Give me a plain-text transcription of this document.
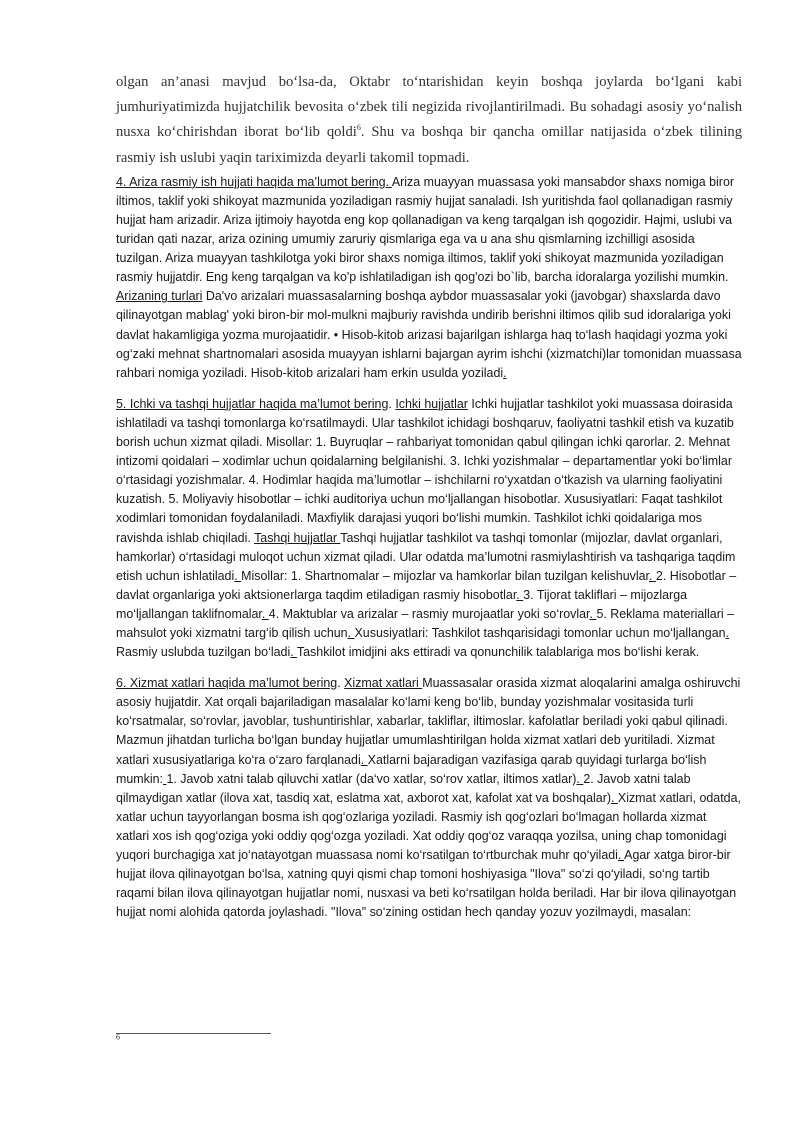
olgan an’anasi mavjud bo‘lsa-da, Oktabr to‘ntarishidan keyin boshqa joylarda bo‘lgani kabi jumhuriyatimizda hujjatchilik bevosita o‘zbek tili negizida rivojlantirilmadi. Bu sohadagi asosiy yo‘nalish nusxa ko‘chirishdan iborat bo‘lib qoldi$^6$. Shu va boshqa bir qancha omillar natijasida o‘zbek tilining rasmiy ish uslubi yaqin tariximizda deyarli takomil topmadi.

4. Ariza rasmiy ish hujjati haqida ma’lumot bering. Ariza muayyan muassasa yoki mansabdor shaxs nomiga biror iltimos, taklif yoki shikoyat mazmunida yoziladigan rasmiy hujjat sanaladi. Ish yuritishda faol qollanadigan rasmiy hujjat ham arizadir. Ariza ijtimoiy hayotda eng kop qollanadigan va keng tarqalgan ish qogozidir. Hajmi, uslubi va turidan qati nazar, ariza ozining umumiy zaruriy qismlariga ega va u ana shu qismlarning izchilligi asosida tuzilgan. Ariza muayyan tashkilotga yoki biror shaxs nomiga iltimos, taklif yoki shikoyat mazmunida yoziladigan rasmiy hujjatdir. Eng keng tarqalgan va ko'p ishlatiladigan ish qog'ozi bo`lib, barcha idoralarga yozilishi mumkin. Arizaning turlari Da'vo arizalari muassasalarning boshqa aybdor muassasalar yoki (javobgar) shaxslarda davo qilinayotgan mablag' yoki biron-bir mol-mulkni majburiy ravishda undirib berishni iltimos qilib sud idoralariga yoki davlat hakamligiga yozma murojaatidir. • Hisob-kitob arizasi bajarilgan ishlarga haq to‘lash haqidagi yozma yoki og‘zaki mehnat shartnomalari asosida muayyan ishlarni bajargan ayrim ishchi (xizmatchi)lar tomonidan muassasa rahbari nomiga yoziladi. Hisob-kitob arizalari ham erkin usulda yoziladi.

5. Ichki va tashqi hujjatlar haqida ma’lumot bering. Ichki hujjatlar Ichki hujjatlar tashkilot yoki muassasa doirasida ishlatiladi va tashqi tomonlarga ko‘rsatilmaydi. Ular tashkilot ichidagi boshqaruv, faoliyatni tashkil etish va kuzatib borish uchun xizmat qiladi. Misollar: 1. Buyruqlar – rahbariyat tomonidan qabul qilingan ichki qarorlar. 2. Mehnat intizomi qoidalari – xodimlar uchun qoidalarning belgilanishi. 3. Ichki yozishmalar – departamentlar yoki bo‘limlar o‘rtasidagi yozishmalar. 4. Hodimlar haqida ma’lumotlar – ishchilarni ro‘yxatdan o‘tkazish va ularning faoliyatini kuzatish. 5. Moliyaviy hisobotlar – ichki auditoriya uchun mo‘ljallangan hisobotlar. Xususiyatlari: Faqat tashkilot xodimlari tomonidan foydalaniladi. Maxfiylik darajasi yuqori bo‘lishi mumkin. Tashkilot ichki qoidalariga mos ravishda ishlab chiqiladi. Tashqi hujjatlar Tashqi hujjatlar tashkilot va tashqi tomonlar (mijozlar, davlat organlari, hamkorlar) o‘rtasidagi muloqot uchun xizmat qiladi. Ular odatda ma’lumotni rasmiylashtirish va tashqariga taqdim etish uchun ishlatiladi. Misollar: 1. Shartnomalar – mijozlar va hamkorlar bilan tuzilgan kelishuvlar. 2. Hisobotlar – davlat organlariga yoki aktsionerlarga taqdim etiladigan rasmiy hisobotlar. 3. Tijorat takliflari – mijozlarga mo‘ljallangan taklifnomalar. 4. Maktublar va arizalar – rasmiy murojaatlar yoki so‘rovlar. 5. Reklama materiallari – mahsulot yoki xizmatni targ‘ib qilish uchun. Xususiyatlari: Tashkilot tashqarisidagi tomonlar uchun mo‘ljallangan. Rasmiy uslubda tuzilgan bo‘ladi. Tashkilot imidjini aks ettiradi va qonunchilik talablariga mos bo‘lishi kerak.

6. Xizmat xatlari haqida ma’lumot bering. Xizmat xatlari Muassasalar orasida xizmat aloqalarini amalga oshiruvchi asosiy hujjatdir. Xat orqali bajariladigan masalalar ko‘lami keng bo‘lib, bunday yozishmalar vositasida turli ko‘rsatmalar, so‘rovlar, javoblar, tushuntirishlar, xabarlar, takliflar, iltimoslar. kafolatlar beriladi yoki qabul qilinadi. Mazmun jihatdan turlicha bo‘lgan bunday hujjatlar umumlashtirilgan holda xizmat xatlari deb yuritiladi. Xizmat xatlari xususiyatlariga ko‘ra o‘zaro farqlanadi. Xatlarni bajaradigan vazifasiga qarab quyidagi turlarga bo‘lish mumkin: 1. Javob xatni talab qiluvchi xatlar (da‘vo xatlar, so‘rov xatlar, iltimos xatlar). 2. Javob xatni talab qilmaydigan xatlar (ilova xat, tasdiq xat, eslatma xat, axborot xat, kafolat xat va boshqalar). Xizmat xatlari, odatda, xatlar uchun tayyorlangan bosma ish qog‘ozlariga yoziladi. Rasmiy ish qog‘ozlari bo‘lmagan hollarda xizmat xatlari xos ish qog‘oziga yoki oddiy qog‘ozga yoziladi. Xat oddiy qog‘oz varaqqa yozilsa, uning chap tomonidagi yuqori burchagiga xat jo‘natayotgan muassasa nomi ko‘rsatilgan to‘rtburchak muhr qo‘yiladi. Agar xatga biror-bir hujjat ilova qilinayotgan bo‘lsa, xatning quyi qismi chap tomoni hoshiyasiga "Ilova" so‘zi qo‘yiladi, so‘ng tartib raqami bilan ilova qilinayotgan hujjatlar nomi, nusxasi va beti ko‘rsatilgan holda beriladi. Har bir ilova qilinayotgan hujjat nomi alohida qatorda joylashadi. "Ilova" so‘zining ostidan hech qanday yozuv yozilmaydi, masalan:

$^6$
